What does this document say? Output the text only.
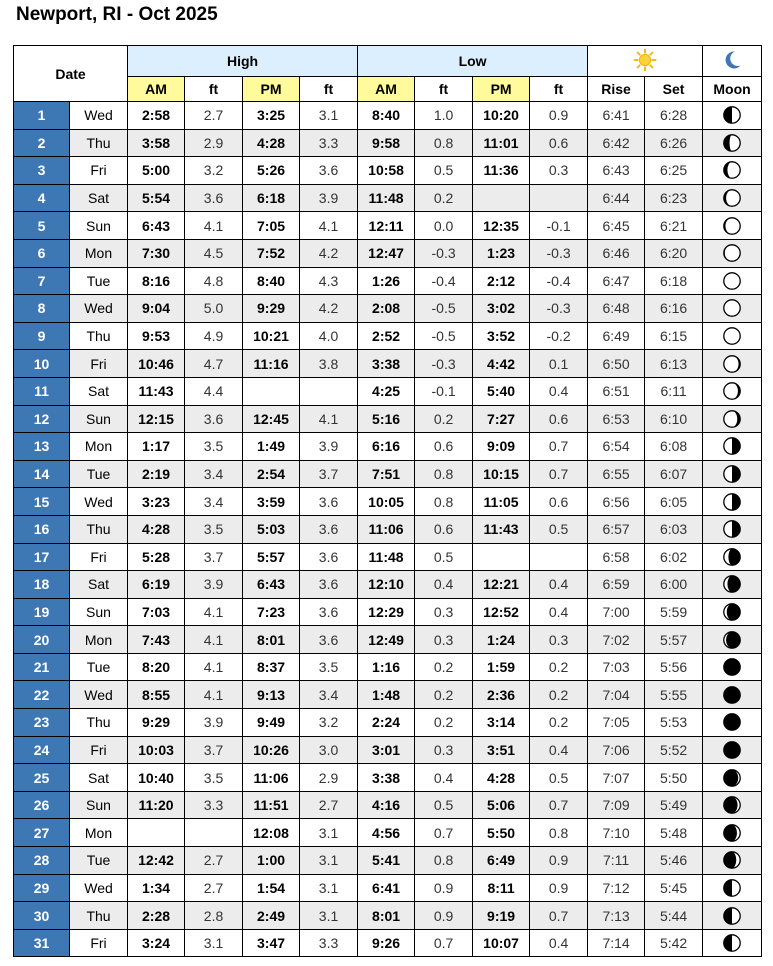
Newport, RI - Oct 2025
Date		High				Low		
		AM	ft	PM	ft	AM	ft	PM	ft	Rise	Set	Moon
1	Wed	2:58	2.7	3:25	3.1	8:40	1.0	10:20	0.9	6:41	6:28	

2	Thu	3:58	2.9	4:28	3.3	9:58	0.8	11:01	0.6	6:42	6:26	

3	Fri	5:00	3.2	5:26	3.6	10:58	0.5	11:36	0.3	6:43	6:25	

4	Sat	5:54	3.6	6:18	3.9	11:48	0.2			6:44	6:23	

5	Sun	6:43	4.1	7:05	4.1	12:11	0.0	12:35	-0.1	6:45	6:21	

6	Mon	7:30	4.5	7:52	4.2	12:47	-0.3	1:23	-0.3	6:46	6:20	

7	Tue	8:16	4.8	8:40	4.3	1:26	-0.4	2:12	-0.4	6:47	6:18	

8	Wed	9:04	5.0	9:29	4.2	2:08	-0.5	3:02	-0.3	6:48	6:16	

9	Thu	9:53	4.9	10:21	4.0	2:52	-0.5	3:52	-0.2	6:49	6:15	

10	Fri	10:46	4.7	11:16	3.8	3:38	-0.3	4:42	0.1	6:50	6:13	

11	Sat	11:43	4.4			4:25	-0.1	5:40	0.4	6:51	6:11	

12	Sun	12:15	3.6	12:45	4.1	5:16	0.2	7:27	0.6	6:53	6:10	

13	Mon	1:17	3.5	1:49	3.9	6:16	0.6	9:09	0.7	6:54	6:08	

14	Tue	2:19	3.4	2:54	3.7	7:51	0.8	10:15	0.7	6:55	6:07	

15	Wed	3:23	3.4	3:59	3.6	10:05	0.8	11:05	0.6	6:56	6:05	

16	Thu	4:28	3.5	5:03	3.6	11:06	0.6	11:43	0.5	6:57	6:03	

17	Fri	5:28	3.7	5:57	3.6	11:48	0.5			6:58	6:02	

18	Sat	6:19	3.9	6:43	3.6	12:10	0.4	12:21	0.4	6:59	6:00	

19	Sun	7:03	4.1	7:23	3.6	12:29	0.3	12:52	0.4	7:00	5:59	

20	Mon	7:43	4.1	8:01	3.6	12:49	0.3	1:24	0.3	7:02	5:57	

21	Tue	8:20	4.1	8:37	3.5	1:16	0.2	1:59	0.2	7:03	5:56	

22	Wed	8:55	4.1	9:13	3.4	1:48	0.2	2:36	0.2	7:04	5:55	

23	Thu	9:29	3.9	9:49	3.2	2:24	0.2	3:14	0.2	7:05	5:53	

24	Fri	10:03	3.7	10:26	3.0	3:01	0.3	3:51	0.4	7:06	5:52	

25	Sat	10:40	3.5	11:06	2.9	3:38	0.4	4:28	0.5	7:07	5:50	

26	Sun	11:20	3.3	11:51	2.7	4:16	0.5	5:06	0.7	7:09	5:49	

27	Mon			12:08	3.1	4:56	0.7	5:50	0.8	7:10	5:48	

28	Tue	12:42	2.7	1:00	3.1	5:41	0.8	6:49	0.9	7:11	5:46	

29	Wed	1:34	2.7	1:54	3.1	6:41	0.9	8:11	0.9	7:12	5:45	

30	Thu	2:28	2.8	2:49	3.1	8:01	0.9	9:19	0.7	7:13	5:44	

31	Fri	3:24	3.1	3:47	3.3	9:26	0.7	10:07	0.4	7:14	5:42	
